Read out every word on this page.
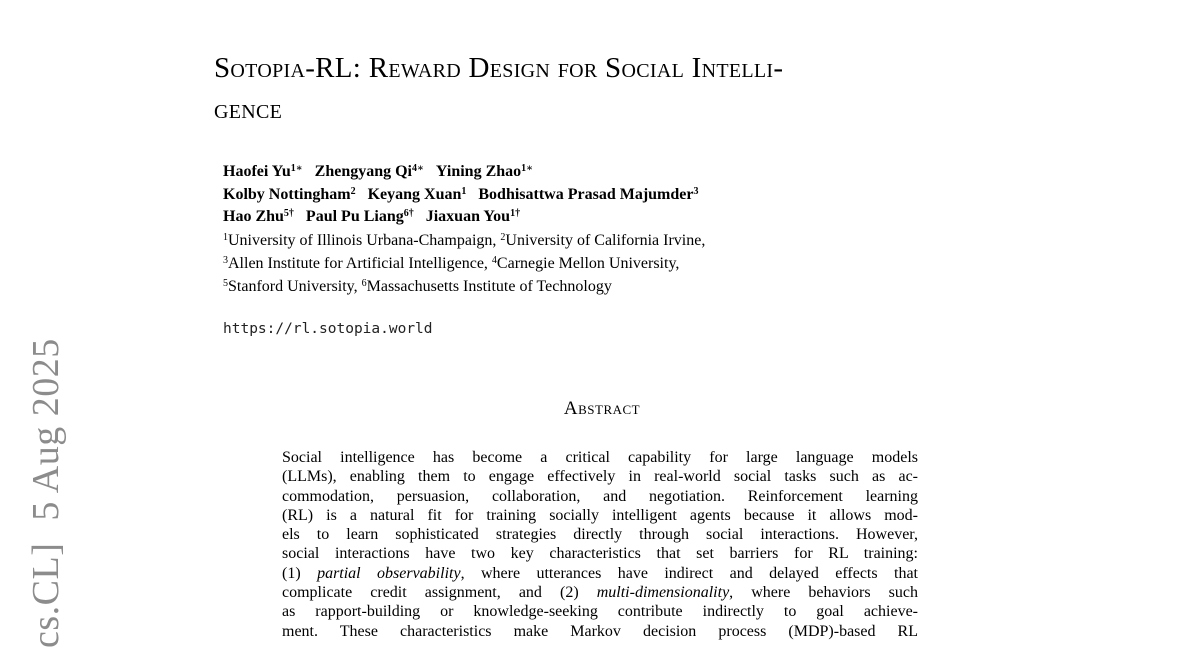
Sotopia-RL: Reward Design for Social Intelli-
gence
Haofei $Yu^{1∗}$ Zhengyang $Qi^{4∗}$ Yining Zhao$^{1∗}$
Kolby Nottingham$^2$ Keyang Xuan$^1$ Bodhisattwa Prasad Majumder$^3$
Hao Zhu$^{5\dagger}$ Paul Pu Liang$^{6\dagger}$ Jiaxuan You$^{1\dagger}$
$^1$University of Illinois Urbana-Champaign, $^2$University of California Irvine,
$^3$Allen Institute for Artificial Intelligence, $^4$Carnegie Mellon University,
$^5$Stanford University, $^6$Massachusetts Institute of Technology
https://rl.sotopia.world
Abstract
Social intelligence has become a critical capability for large language models
(LLMs), enabling them to engage effectively in real-world social tasks such as ac-
commodation, persuasion, collaboration, and negotiation. Reinforcement learning
(RL) is a natural fit for training socially intelligent agents because it allows mod-
els to learn sophisticated strategies directly through social interactions. However,
social interactions have two key characteristics that set barriers for RL training:
(1) partial observability, where utterances have indirect and delayed effects that
complicate credit assignment, and (2) multi-dimensionality, where behaviors such
as rapport-building or knowledge-seeking contribute indirectly to goal achieve-
ment. These characteristics make Markov decision process (MDP)-based RL
cs.CL]5 Aug 2025
